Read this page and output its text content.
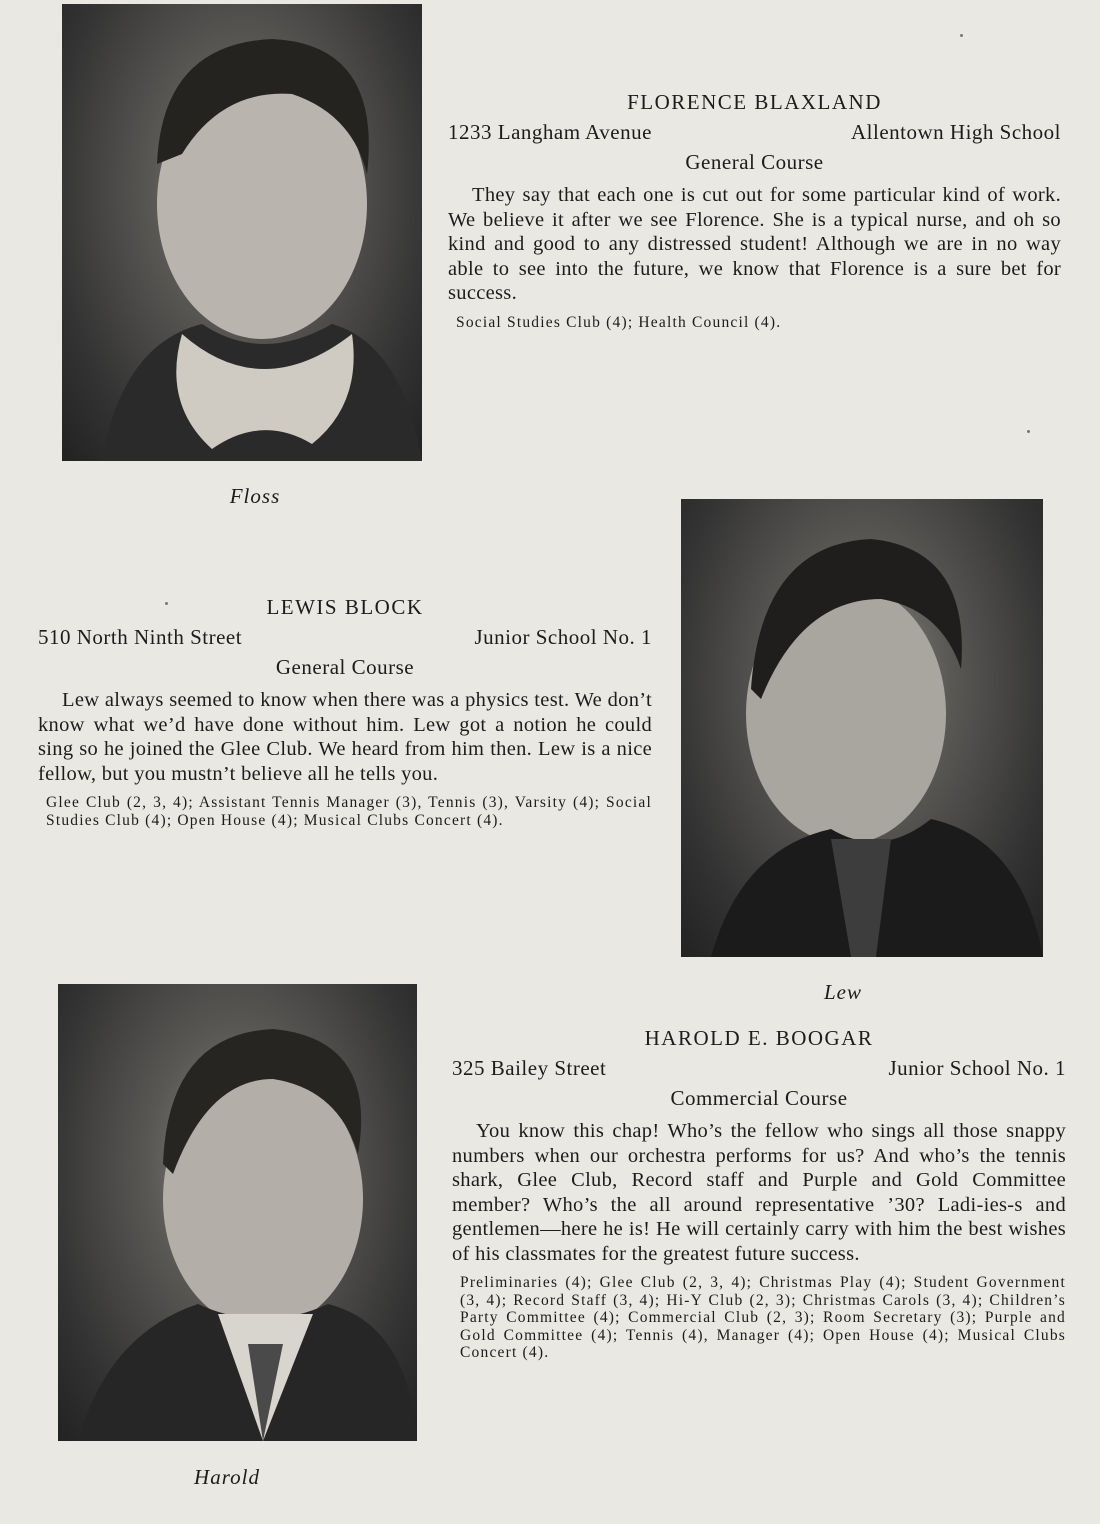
Floss
FLORENCE BLAXLAND
1233 Langham Avenue	Allentown High School
General Course

They say that each one is cut out for some particular kind of work. We believe it after we see Florence. She is a typical nurse, and oh so kind and good to any distressed student! Although we are in no way able to see into the future, we know that Florence is a sure bet for success.

Social Studies Club (4); Health Council (4).

LEWIS BLOCK
510 North Ninth Street	Junior School No. 1
General Course

Lew always seemed to know when there was a physics test. We don’t know what we’d have done without him. Lew got a notion he could sing so he joined the Glee Club. We heard from him then. Lew is a nice fellow, but you mustn’t believe all he tells you.

Glee Club (2, 3, 4); Assistant Tennis Manager (3), Tennis (3), Varsity (4); Social Studies Club (4); Open House (4); Musical Clubs Concert (4).

Lew
Harold
HAROLD E. BOOGAR
325 Bailey Street	Junior School No. 1
Commercial Course

You know this chap! Who’s the fellow who sings all those snappy numbers when our orchestra performs for us? And who’s the tennis shark, Glee Club, Record staff and Purple and Gold Committee member? Who’s the all around representative ’30? Ladi-ies-s and gentlemen—here he is! He will certainly carry with him the best wishes of his classmates for the greatest future success.

Preliminaries (4); Glee Club (2, 3, 4); Christmas Play (4); Student Government (3, 4); Record Staff (3, 4); Hi-Y Club (2, 3); Christmas Carols (3, 4); Children’s Party Committee (4); Commercial Club (2, 3); Room Secretary (3); Purple and Gold Committee (4); Tennis (4), Manager (4); Open House (4); Musical Clubs Concert (4).
